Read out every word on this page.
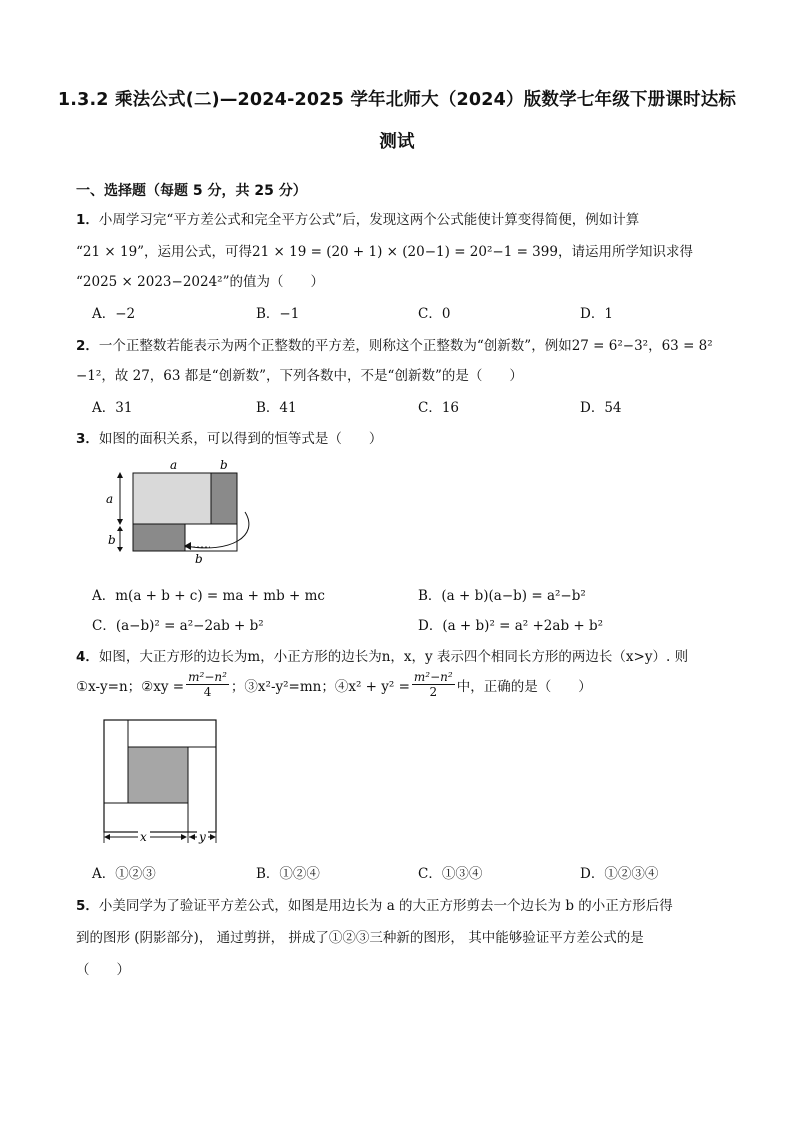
1.3.2 乘法公式(二)—2024-2025 学年北师大（2024）版数学七年级下册课时达标
测试
一、选择题（每题 5 分，共 25 分）
1．小周学习完“平方差公式和完全平方公式”后，发现这两个公式能使计算变得简便，例如计算
“21 × 19”，运用公式，可得21 × 19 = (20 + 1) × (20−1) = 20²−1 = 399，请运用所学知识求得
“2025 × 2023−2024²”的值为（　　）
A．−2	B．−1	C．0	D．1
2．一个正整数若能表示为两个正整数的平方差，则称这个正整数为“创新数”，例如27 = 6²−3²，63 = 8²
−1²，故 27，63 都是“创新数”，下列各数中，不是“创新数”的是（　　）
A．31	B．41	C．16	D．54
3．如图的面积关系，可以得到的恒等式是（　　）
a	b
a
b
b
A．m(a + b + c) = ma + mb + mc	B．(a + b)(a−b) = a²−b²
C．(a−b)² = a²−2ab + b²	D．(a + b)² = a² +2ab + b²
4．如图，大正方形的边长为m，小正方形的边长为n，x，y 表示四个相同长方形的两边长（x>y）. 则
①x-y=n；②xy = $\frac{\text{m²−n²}}{4}$ ；③x²-y²=mn；④x² + $y^2 = \frac{\text{m²−n²}}{2}$ 中，正确的是（　　）
x	y
A．①②③	B．①②④	C．①③④	D．①②③④
5．小美同学为了验证平方差公式，如图是用边长为 a 的大正方形剪去一个边长为 b 的小正方形后得
到的图形 (阴影部分)， 通过剪拼， 拼成了①②③三种新的图形， 其中能够验证平方差公式的是
（　　）
